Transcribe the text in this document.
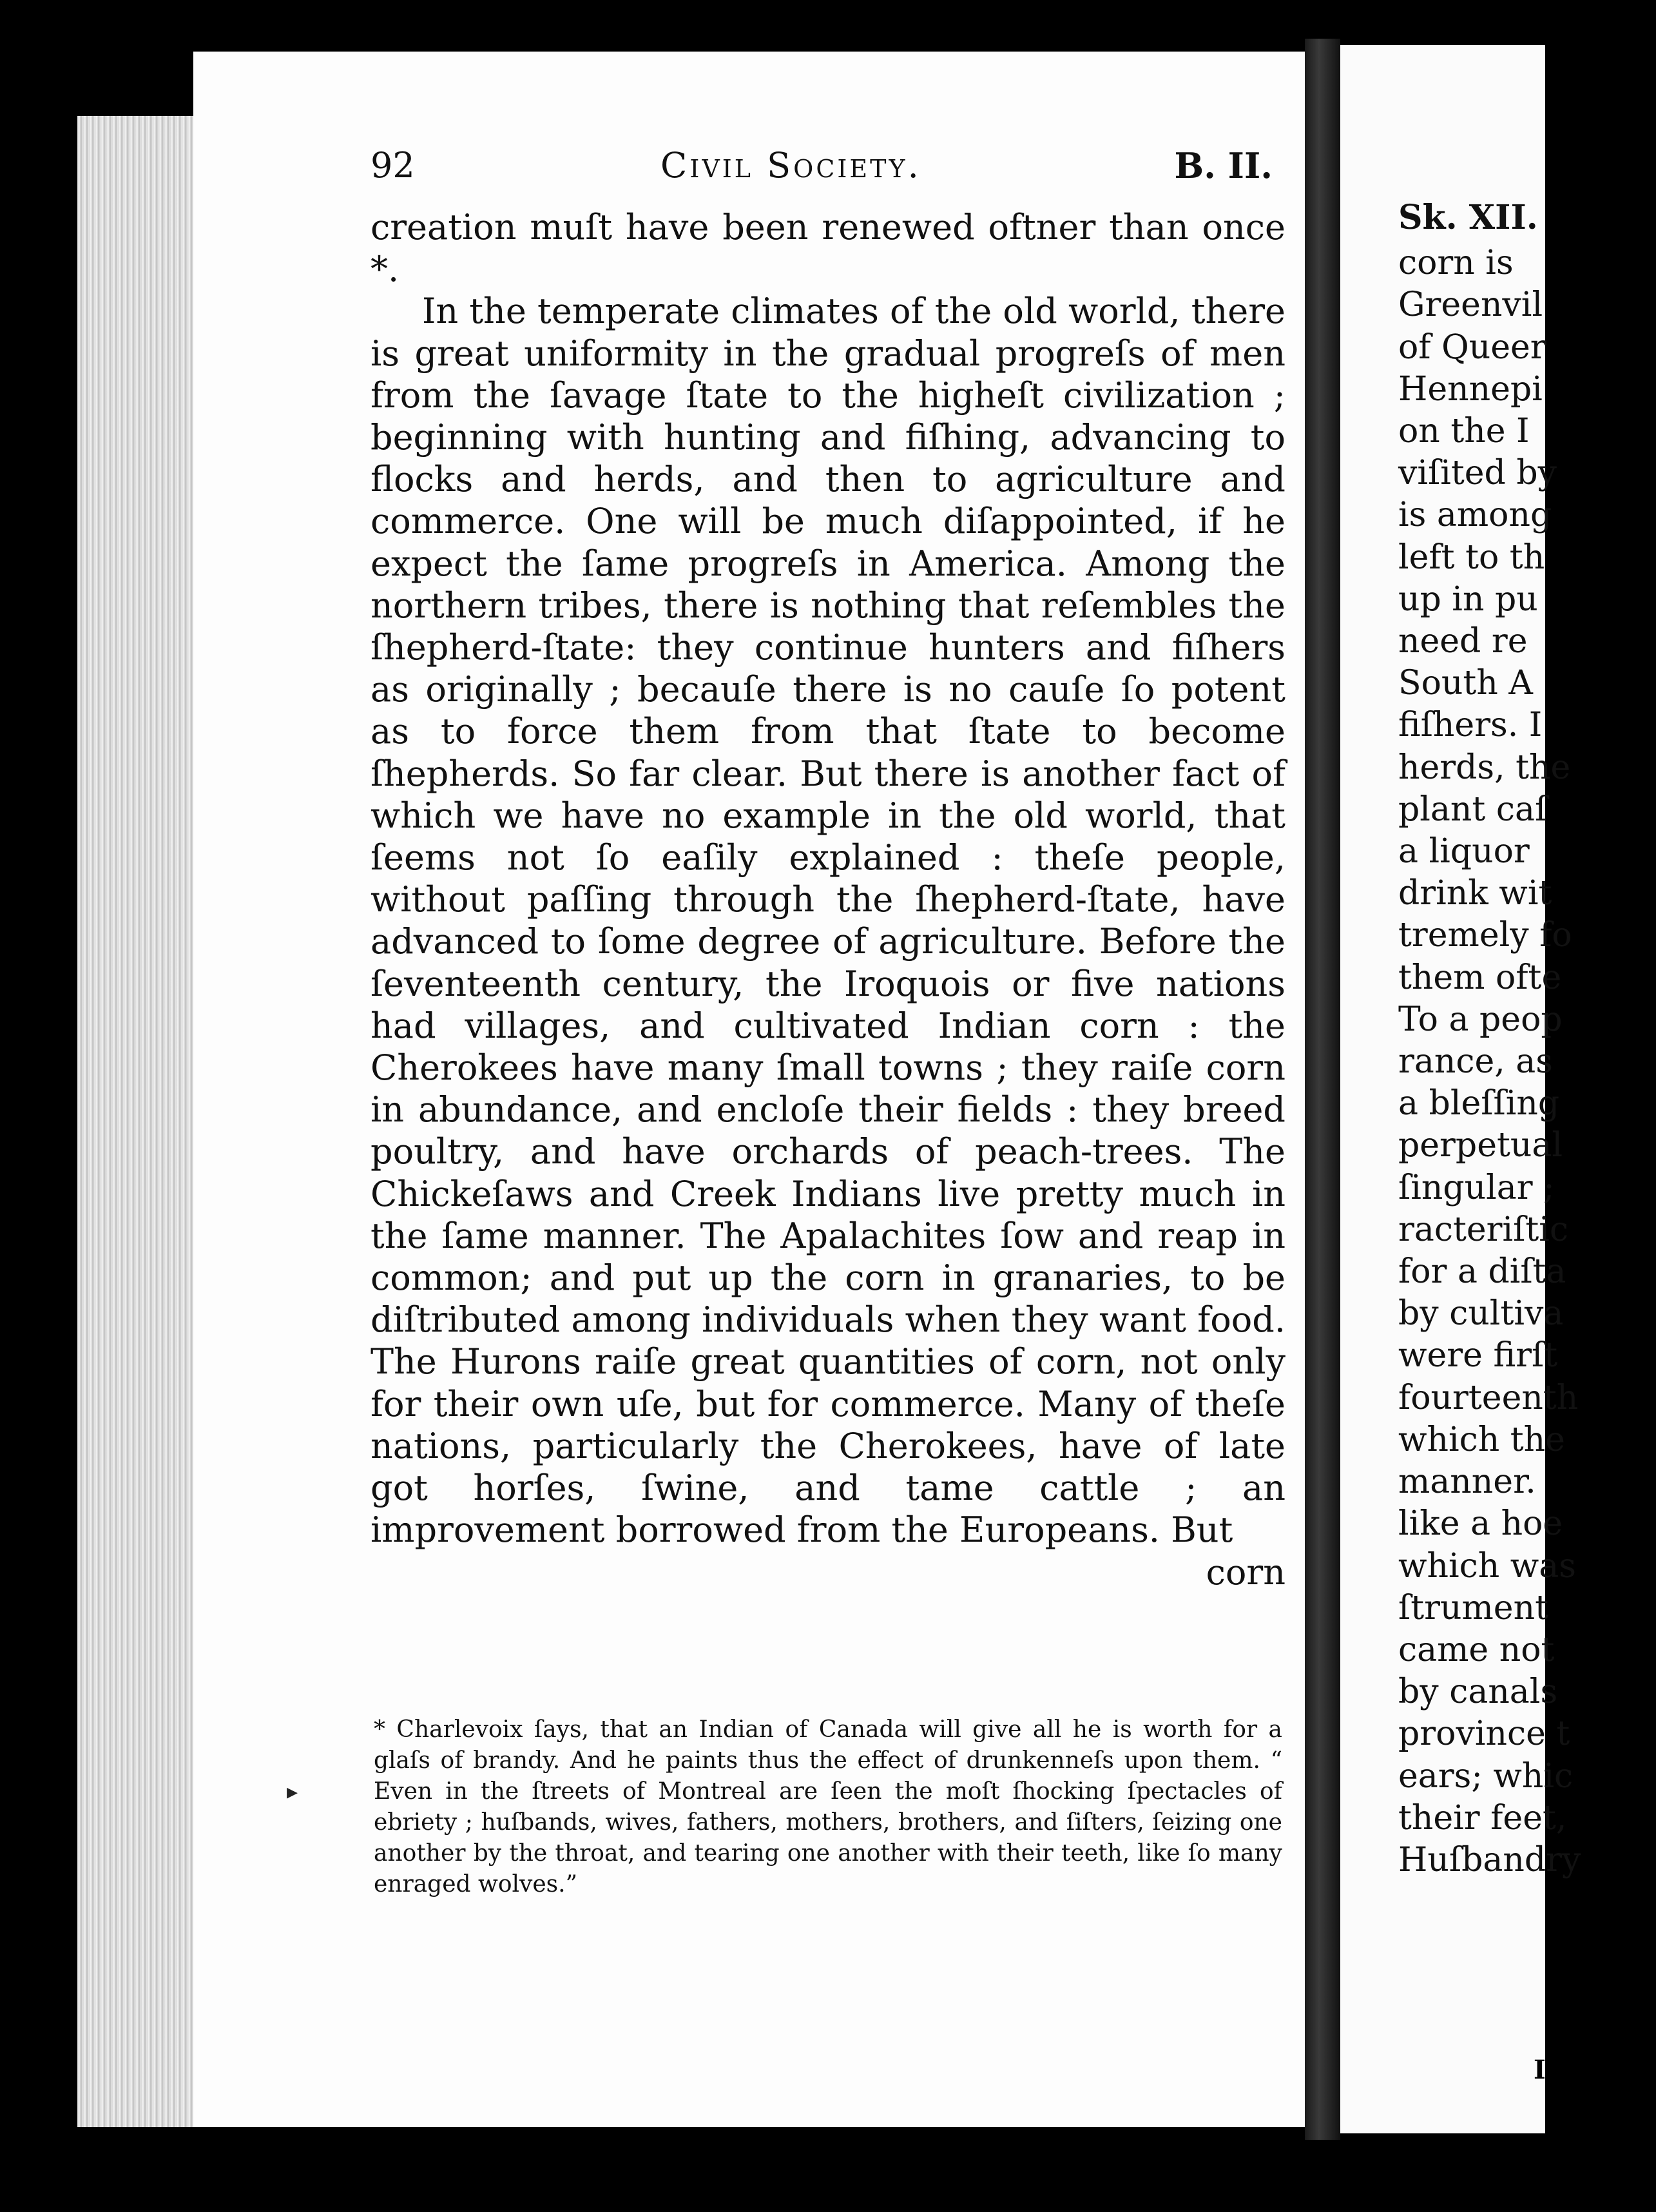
Sk. XII.
corn is
Greenvil
of Queer
Hennepi
on the I
viſited by
is among
left to th
up in pu
need re
South A
fiſhers. I
herds, the
plant caſ
a liquor
drink wit
tremely fo
them ofte
To a peop
rance, as
a bleſſing
perpetual
ſingular ;
racteriſtic
for a diſta
by cultiva
were firſt
fourteenth
which the
manner.
like a hoe
which was
ſtrument
came not
by canals
province t
ears; whic
their feet,
Huſbandry
I
92	Civil Society.	B. II.

creation muſt have been renewed oftner than once *.

In the temperate climates of the old world, there is great uniformity in the gradual progreſs of men from the ſavage ſtate to the higheſt civilization ; beginning with hunting and fiſhing, advancing to flocks and herds, and then to agriculture and commerce. One will be much diſappointed, if he expect the ſame progreſs in America. Among the northern tribes, there is nothing that reſembles the ſhepherd-ſtate: they continue hunters and fiſhers as originally ; becauſe there is no cauſe ſo potent as to force them from that ſtate to become ſhepherds. So far clear. But there is another fact of which we have no example in the old world, that ſeems not ſo eaſily explained : theſe people, without paſſing through the ſhepherd-ſtate, have advanced to ſome degree of agriculture. Before the ſeventeenth century, the Iroquois or five nations had villages, and cultivated Indian corn : the Cherokees have many ſmall towns ; they raiſe corn in abundance, and encloſe their fields : they breed poultry, and have orchards of peach-trees. The Chickeſaws and Creek Indians live pretty much in the ſame manner. The Apalachites ſow and reap in common; and put up the corn in granaries, to be diſtributed among individuals when they want food. The Hurons raiſe great quantities of corn, not only for their own uſe, but for commerce. Many of theſe nations, particularly the Cherokees, have of late got horſes, ſwine, and tame cattle ; an improvement borrowed from the Europeans. But

corn
▸
* Charlevoix ſays, that an Indian of Canada will give all he is worth for a glaſs of brandy. And he paints thus the effect of drunkenneſs upon them. “ Even in the ſtreets of Montreal are ſeen the moſt ſhocking ſpectacles of ebriety ; huſbands, wives, fathers, mothers, brothers, and ſiſters, ſeizing one another by the throat, and tearing one another with their teeth, like ſo many enraged wolves.”
